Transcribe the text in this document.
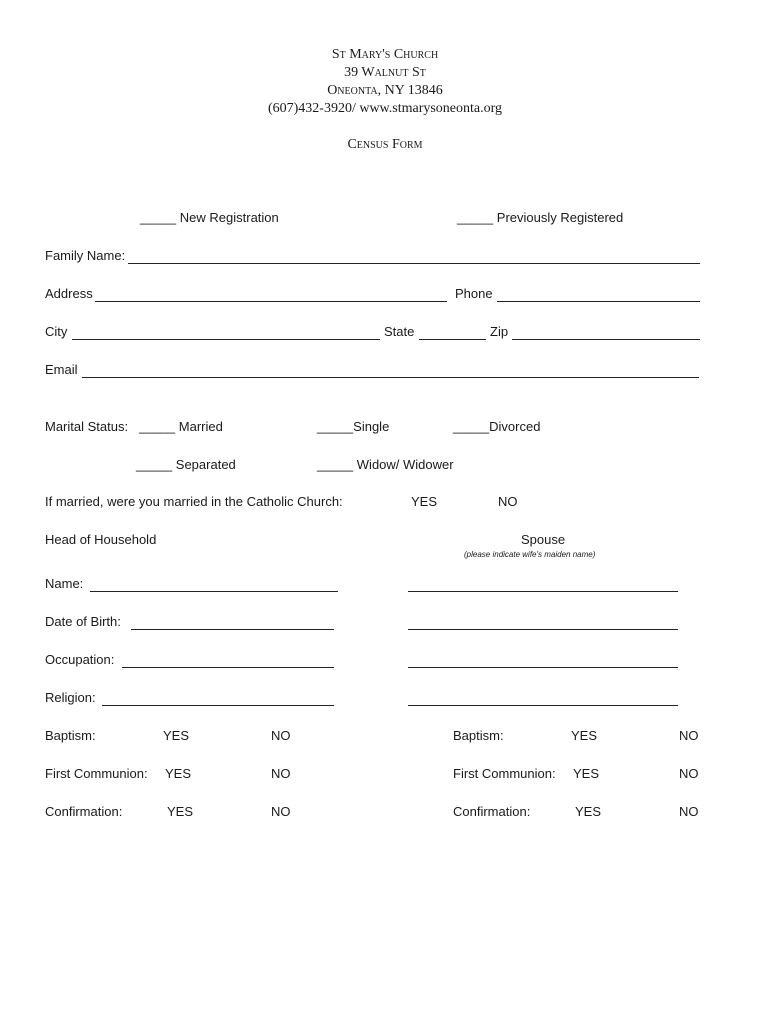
St Mary's Church
39 Walnut St
Oneonta, NY 13846
(607)432-3920/ www.stmarysoneonta.org
Census Form
_____ New Registration	_____ Previously Registered
Family Name:
Address	Phone
City	State	Zip
Email
Marital Status: _____ Married	_____Single	_____Divorced
_____ Separated	_____ Widow/ Widower
If married, were you married in the Catholic Church:	YES	NO
Head of Household	Spouse
(please indicate wife's maiden name)
Name:
Date of Birth:
Occupation:
Religion:
Baptism:	YES	NO
First Communion: YES	NO
Confirmation:	YES	NO
Baptism:	YES	NO
First Communion: YES	NO
Confirmation:	YES	NO
